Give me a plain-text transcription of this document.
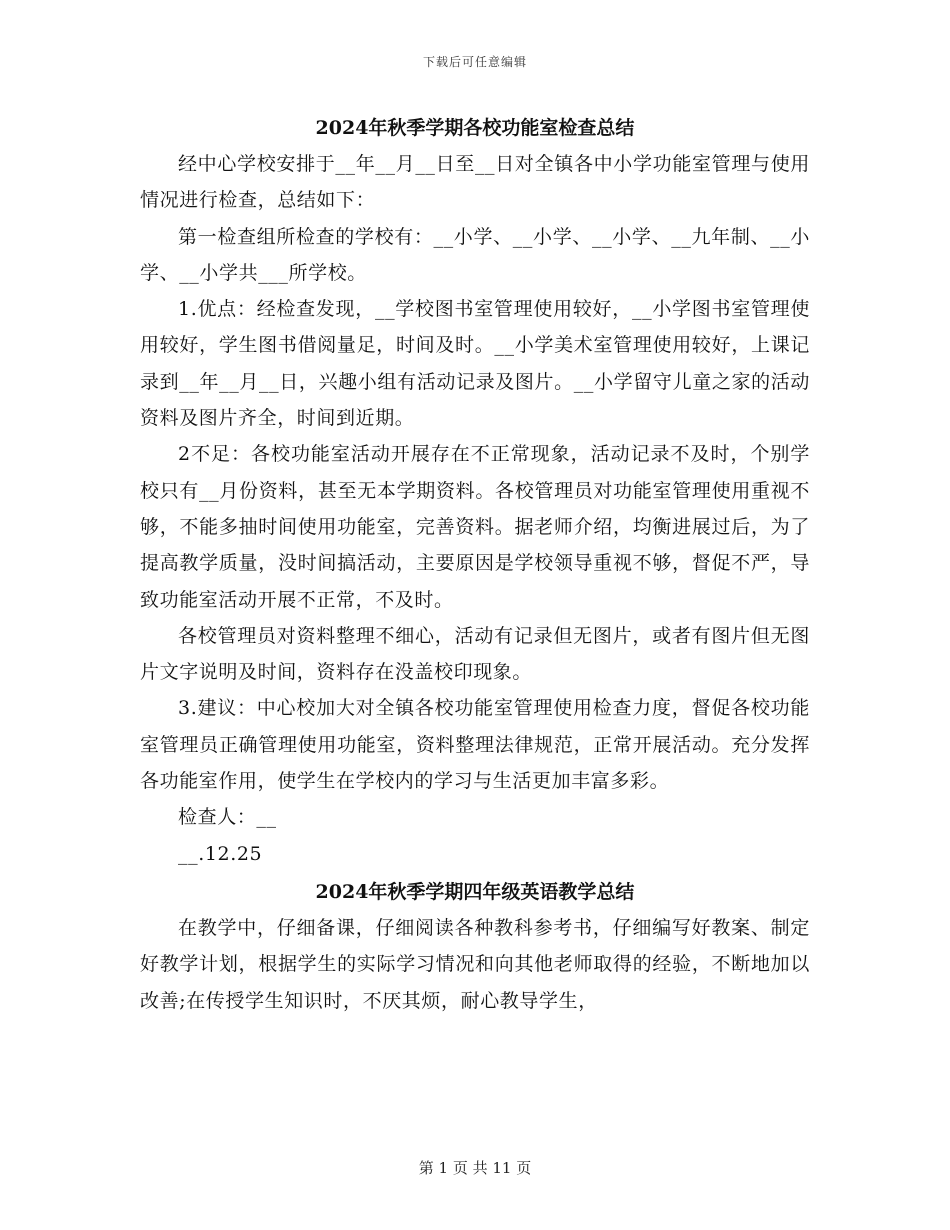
下载后可任意编辑
2024年秋季学期各校功能室检查总结

经中心学校安排于__年__月__日至__日对全镇各中小学功能室管理与使用情况进行检查，总结如下：

第一检查组所检查的学校有：__小学、__小学、__小学、__九年制、__小学、__小学共___所学校。

1.优点：经检查发现，__学校图书室管理使用较好，__小学图书室管理使用较好，学生图书借阅量足，时间及时。__小学美术室管理使用较好，上课记录到__年__月__日，兴趣小组有活动记录及图片。__小学留守儿童之家的活动资料及图片齐全，时间到近期。

2不足：各校功能室活动开展存在不正常现象，活动记录不及时，个别学校只有__月份资料，甚至无本学期资料。各校管理员对功能室管理使用重视不够，不能多抽时间使用功能室，完善资料。据老师介绍，均衡进展过后，为了提高教学质量，没时间搞活动，主要原因是学校领导重视不够，督促不严，导致功能室活动开展不正常，不及时。

各校管理员对资料整理不细心，活动有记录但无图片，或者有图片但无图片文字说明及时间，资料存在没盖校印现象。

3.建议：中心校加大对全镇各校功能室管理使用检查力度，督促各校功能室管理员正确管理使用功能室，资料整理法律规范，正常开展活动。充分发挥各功能室作用，使学生在学校内的学习与生活更加丰富多彩。

检查人：__

__.12.25

2024年秋季学期四年级英语教学总结

在教学中，仔细备课，仔细阅读各种教科参考书，仔细编写好教案、制定好教学计划，根据学生的实际学习情况和向其他老师取得的经验，不断地加以改善;在传授学生知识时，不厌其烦，耐心教导学生，

第 1 页 共 11 页
